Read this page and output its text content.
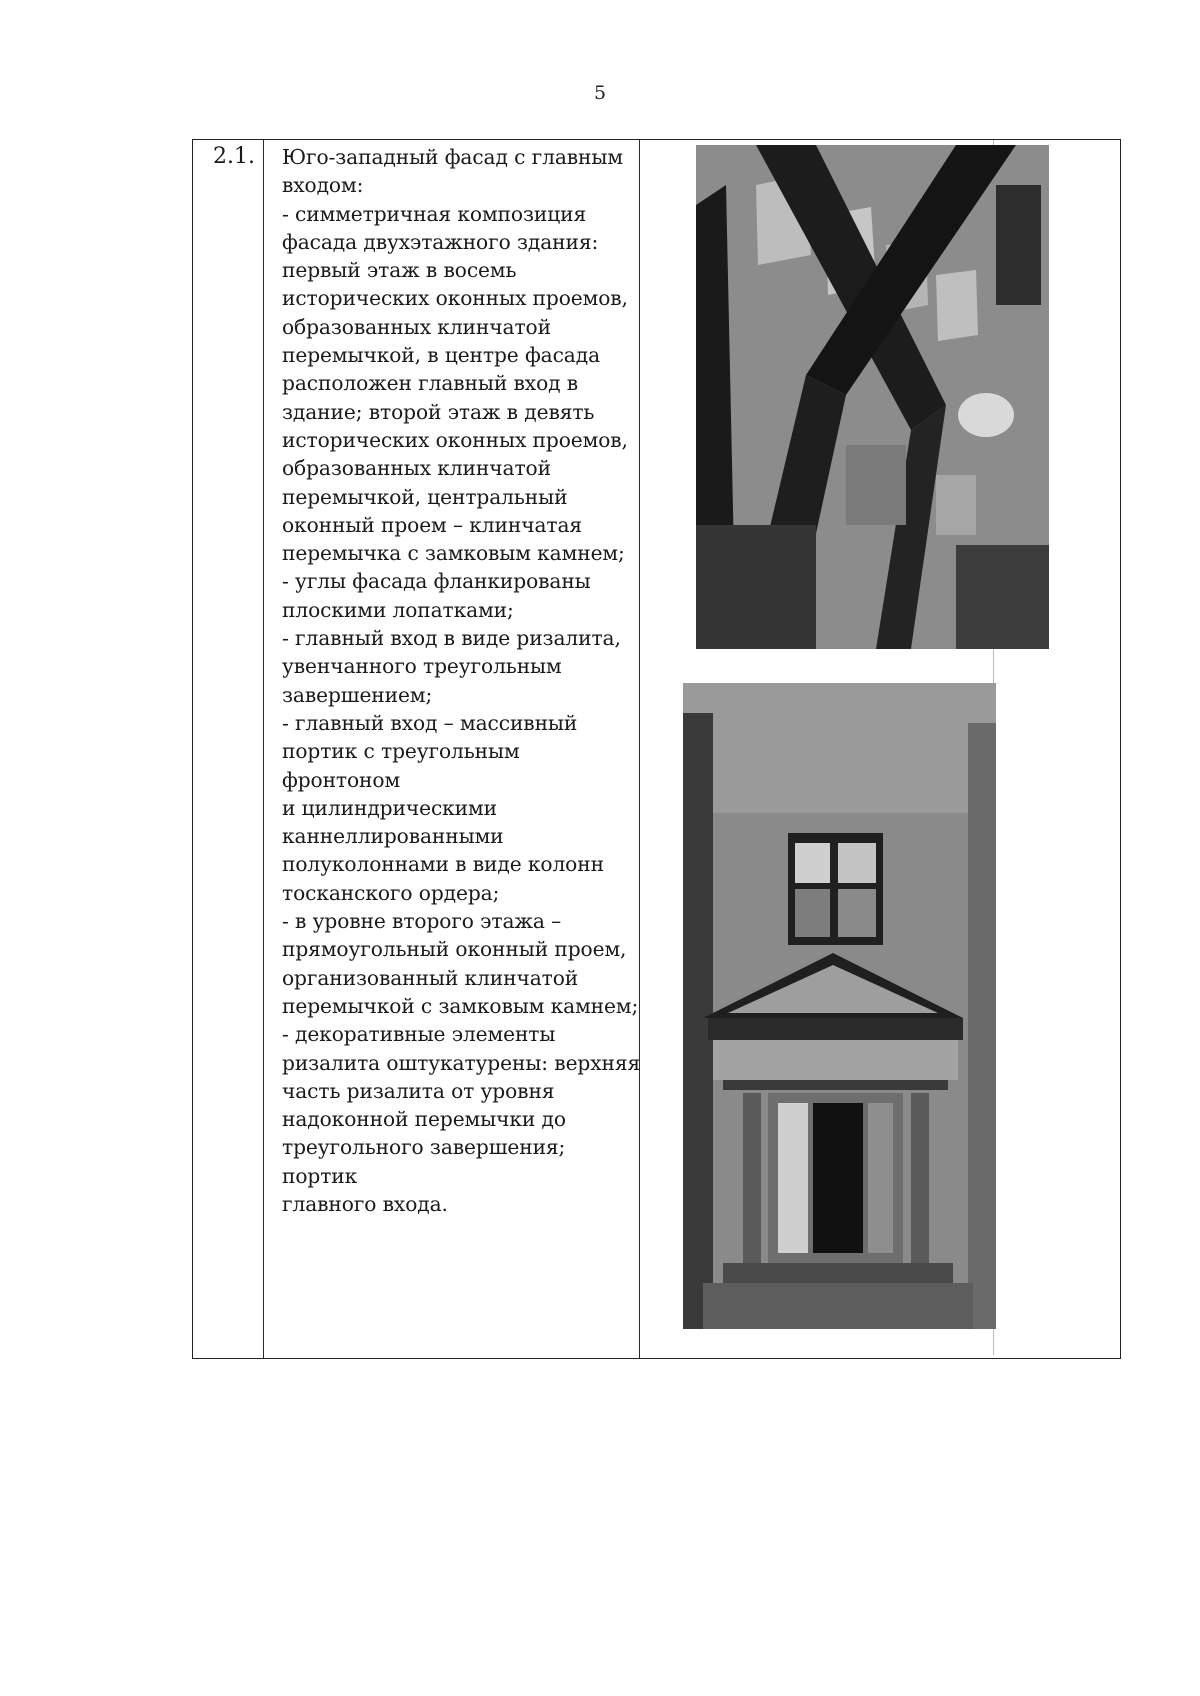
5
2.1. Юго-западный фасад с главным
входом:
- симметричная композиция
фасада двухэтажного здания:
первый этаж в восемь
исторических оконных проемов,
образованных клинчатой
перемычкой, в центре фасада
расположен главный вход в
здание; второй этаж в девять
исторических оконных проемов,
образованных клинчатой
перемычкой, центральный
оконный проем – клинчатая
перемычка с замковым камнем;
- углы фасада фланкированы
плоскими лопатками;
- главный вход в виде ризалита,
увенчанного треугольным
завершением;
- главный вход – массивный
портик с треугольным фронтоном
и цилиндрическими
каннеллированными
полуколоннами в виде колонн
тосканского ордера;
- в уровне второго этажа –
прямоугольный оконный проем,
организованный клинчатой
перемычкой с замковым камнем;
- декоративные элементы
ризалита оштукатурены: верхняя
часть ризалита от уровня
надоконной перемычки до
треугольного завершения; портик
главного входа.
